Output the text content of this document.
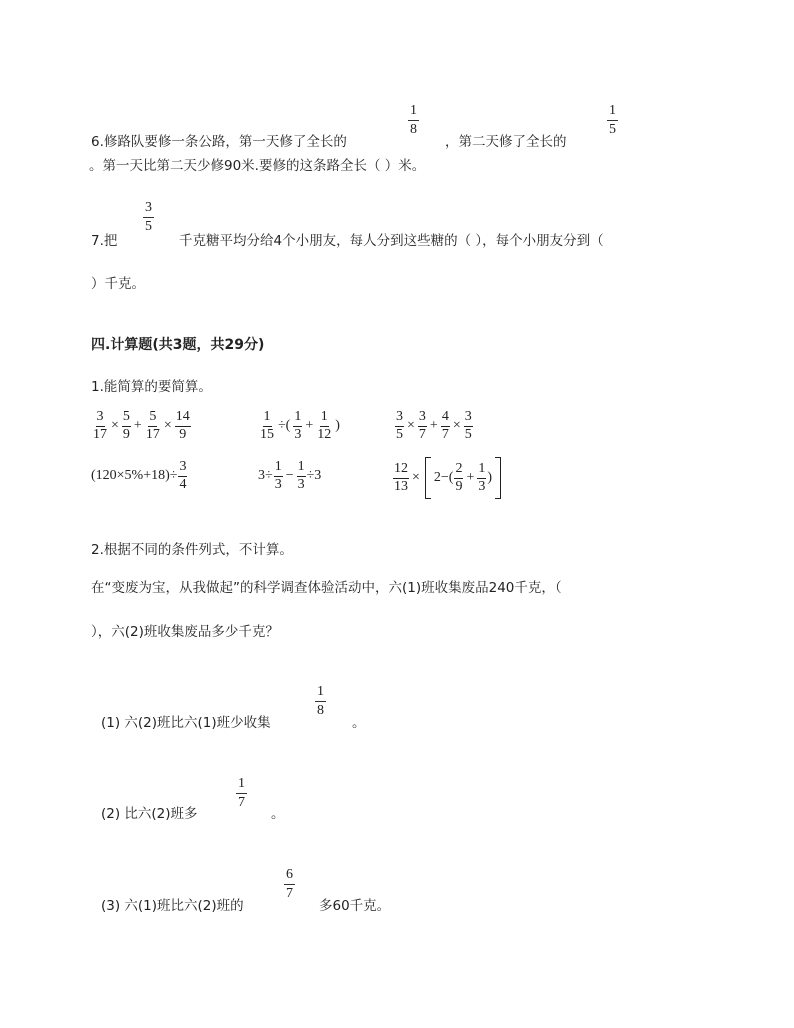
6.修路队要修一条公路，第一天修了全长的
$\frac{1}{8}$
，第二天修了全长的
$\frac{1}{5}$
。第一天比第二天少修90米.要修的这条路全长（ ）米。
7.把
$\frac{3}{5}$
千克糖平均分给4个小朋友，每人分到这些糖的（ ），每个小朋友分到（
）千克。
四.计算题(共3题，共29分)
1.能简算的要简算。
$\frac{3}{17} \times \frac{5}{9} + \frac{5}{17} \times \frac{14}{9}$	$\frac{1}{15}$ ÷( $\frac{1}{3} + \frac{1}{12}$ )	$\frac{3}{5} \times \frac{3}{7} + \frac{4}{7} \times \frac{3}{5}$
$(120\times 5\%+18)\div \frac{3}{4}$	$3\div \frac{1}{3} - \frac{1}{3} \div 3$	$\frac{12}{13} \times 2-( \frac{2}{9} + \frac{1}{3}$ )
2.根据不同的条件列式，不计算。
在“变废为宝，从我做起”的科学调查体验活动中，六(1)班收集废品240千克，（
），六(2)班收集废品多少千克？
(1) 六(2)班比六(1)班少收集
$\frac{1}{8}$
。
(2) 比六(2)班多
$\frac{1}{7}$
。
(3) 六(1)班比六(2)班的
$\frac{6}{7}$
多60千克。
